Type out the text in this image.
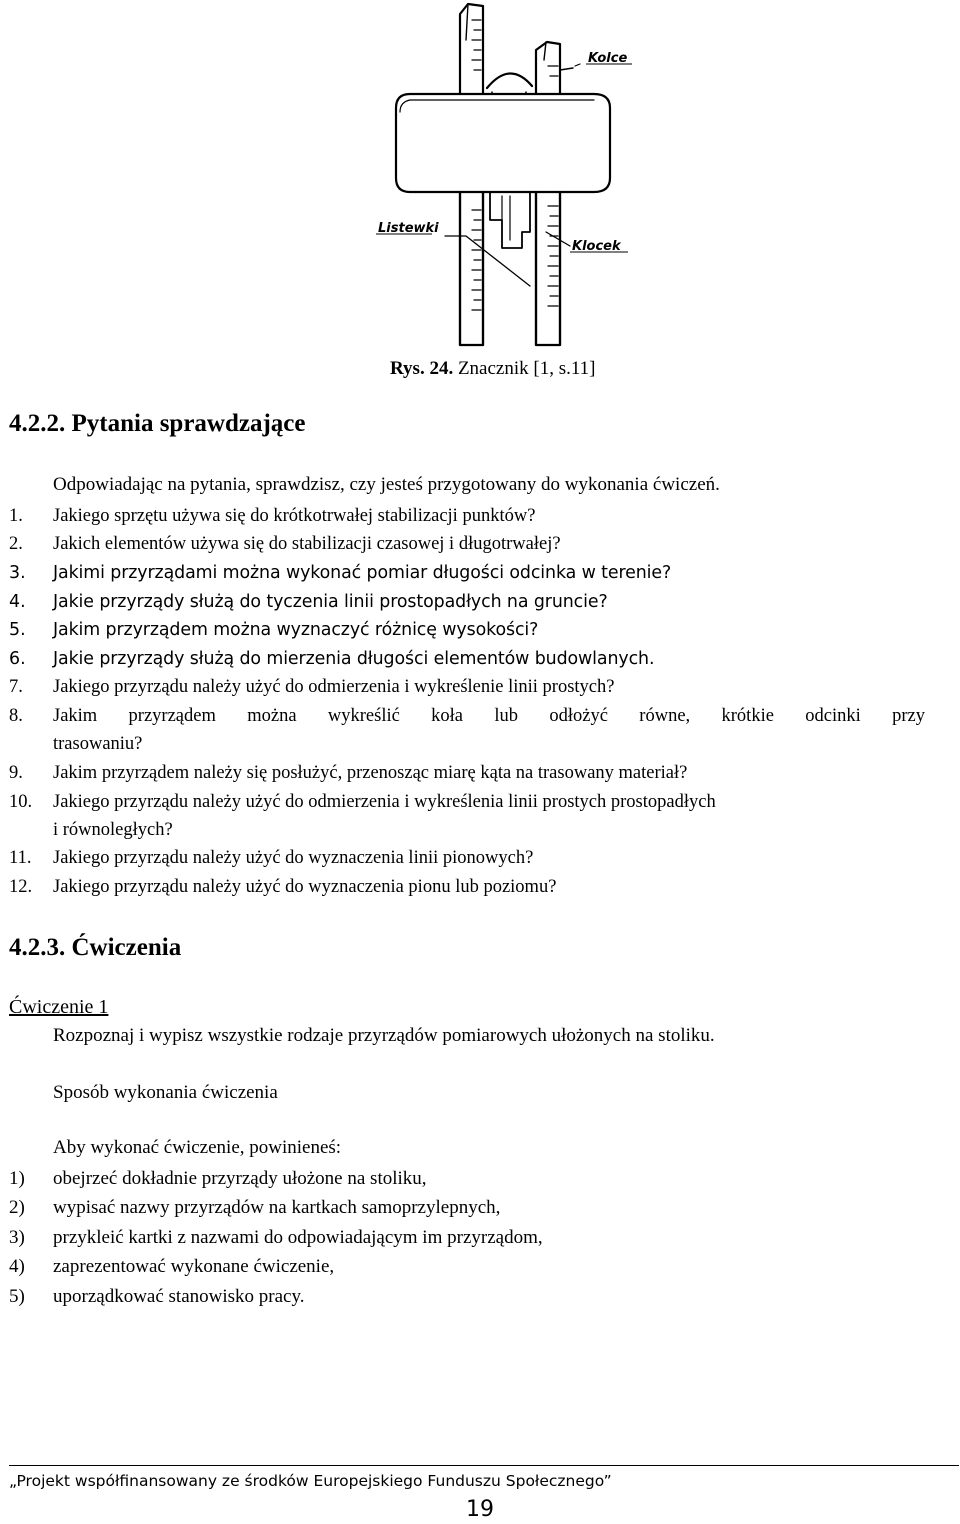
Kolce
Listewki
Klocek
Rys. 24. Znacznik [1, s.11]
4.2.2. Pytania sprawdzające
Odpowiadając na pytania, sprawdzisz, czy jesteś przygotowany do wykonania ćwiczeń.
1. Jakiego sprzętu używa się do krótkotrwałej stabilizacji punktów?
2. Jakich elementów używa się do stabilizacji czasowej i długotrwałej?
3. Jakimi przyrządami można wykonać pomiar długości odcinka w terenie?
4. Jakie przyrządy służą do tyczenia linii prostopadłych na gruncie?
5. Jakim przyrządem można wyznaczyć różnicę wysokości?
6. Jakie przyrządy służą do mierzenia długości elementów budowlanych.
7. Jakiego przyrządu należy użyć do odmierzenia i wykreślenie linii prostych?
8. Jakim przyrządem można wykreślić koła lub odłożyć równe, krótkie odcinki przy
trasowaniu?
9. Jakim przyrządem należy się posłużyć, przenosząc miarę kąta na trasowany materiał?
10. Jakiego przyrządu należy użyć do odmierzenia i wykreślenia linii prostych prostopadłych
i równoległych?
11. Jakiego przyrządu należy użyć do wyznaczenia linii pionowych?
12. Jakiego przyrządu należy użyć do wyznaczenia pionu lub poziomu?
4.2.3. Ćwiczenia
Ćwiczenie 1
Rozpoznaj i wypisz wszystkie rodzaje przyrządów pomiarowych ułożonych na stoliku.
Sposób wykonania ćwiczenia
Aby wykonać ćwiczenie, powinieneś:
1) obejrzeć dokładnie przyrządy ułożone na stoliku,
2) wypisać nazwy przyrządów na kartkach samoprzylepnych,
3) przykleić kartki z nazwami do odpowiadającym im przyrządom,
4) zaprezentować wykonane ćwiczenie,
5) uporządkować stanowisko pracy.
„Projekt współfinansowany ze środków Europejskiego Funduszu Społecznego”
19
